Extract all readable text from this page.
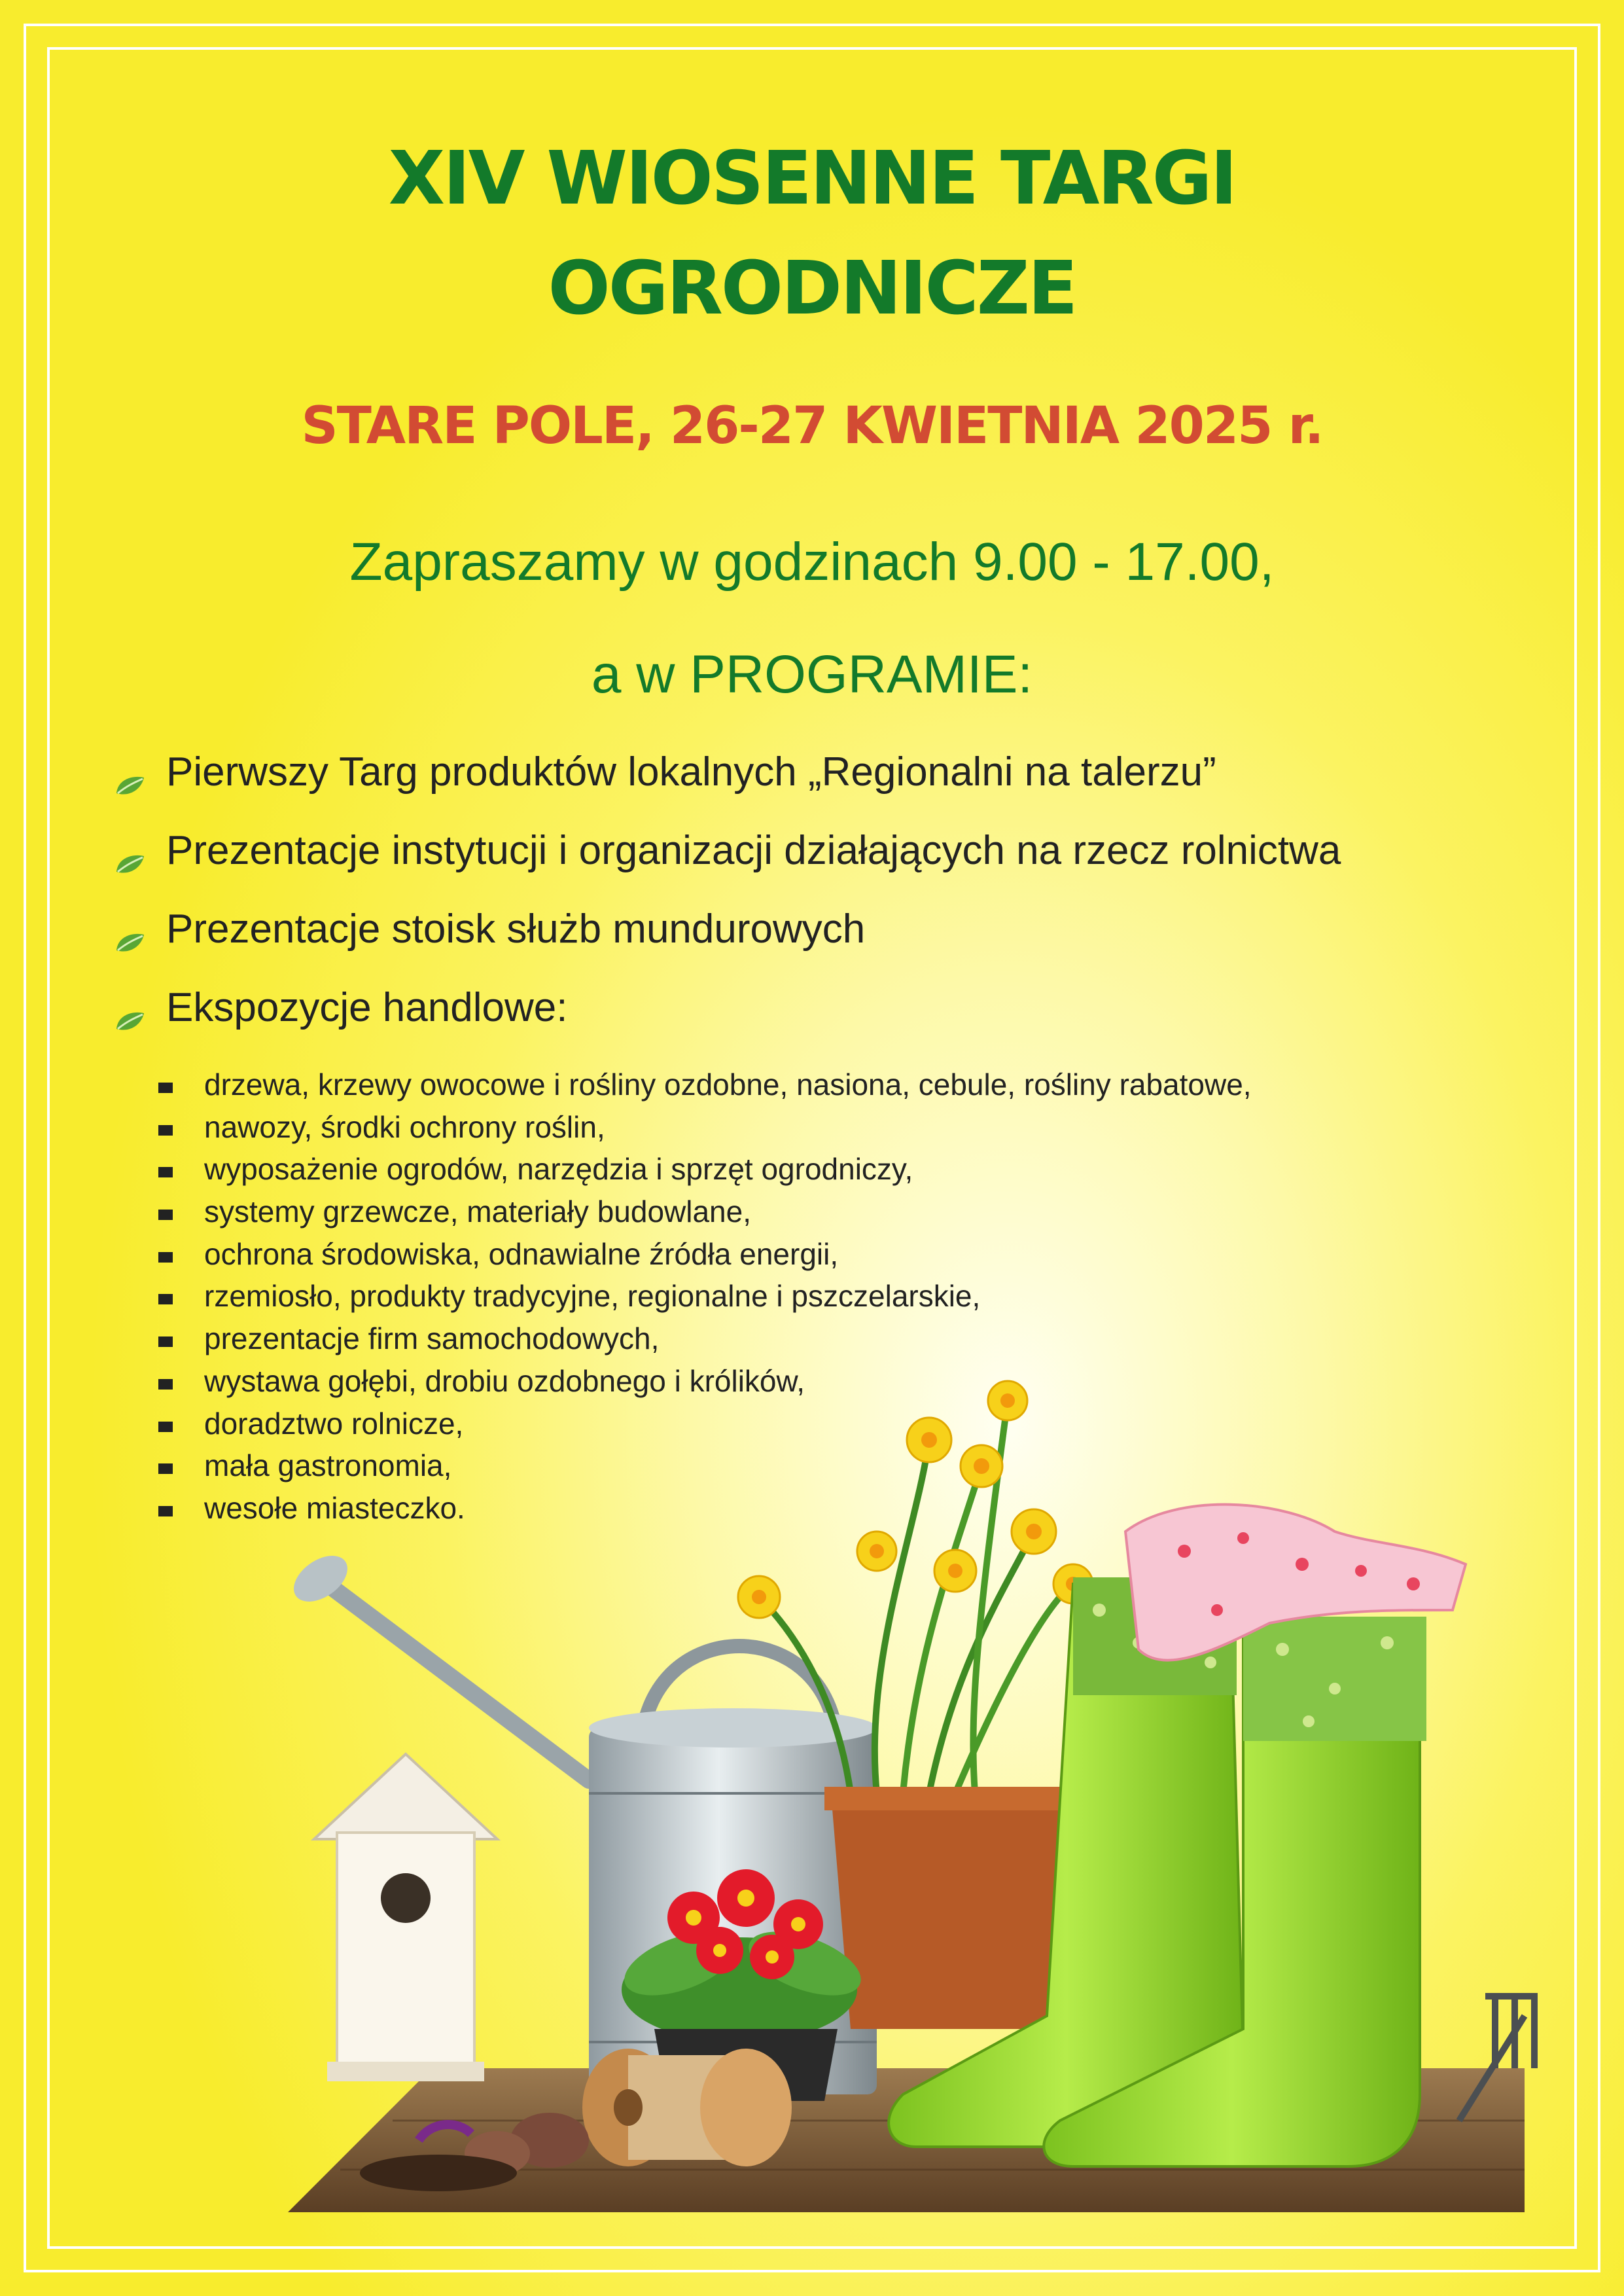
XIV WIOSENNE TARGI
OGRODNICZE
STARE POLE, 26-27 KWIETNIA 2025 r.

Zapraszamy w godzinach 9.00 - 17.00,

a w PROGRAMIE:

Pierwszy Targ produktów lokalnych „Regionalni na talerzu”
Prezentacje instytucji i organizacji działających na rzecz rolnictwa
Prezentacje stoisk służb mundurowych
Ekspozycje handlowe:
drzewa, krzewy owocowe i rośliny ozdobne, nasiona, cebule, rośliny rabatowe,
nawozy, środki ochrony roślin,
wyposażenie ogrodów, narzędzia i sprzęt ogrodniczy,
systemy grzewcze, materiały budowlane,
ochrona środowiska, odnawialne źródła energii,
rzemiosło, produkty tradycyjne, regionalne i pszczelarskie,
prezentacje firm samochodowych,
wystawa gołębi, drobiu ozdobnego i królików,
doradztwo rolnicze,
mała gastronomia,
wesołe miasteczko.
